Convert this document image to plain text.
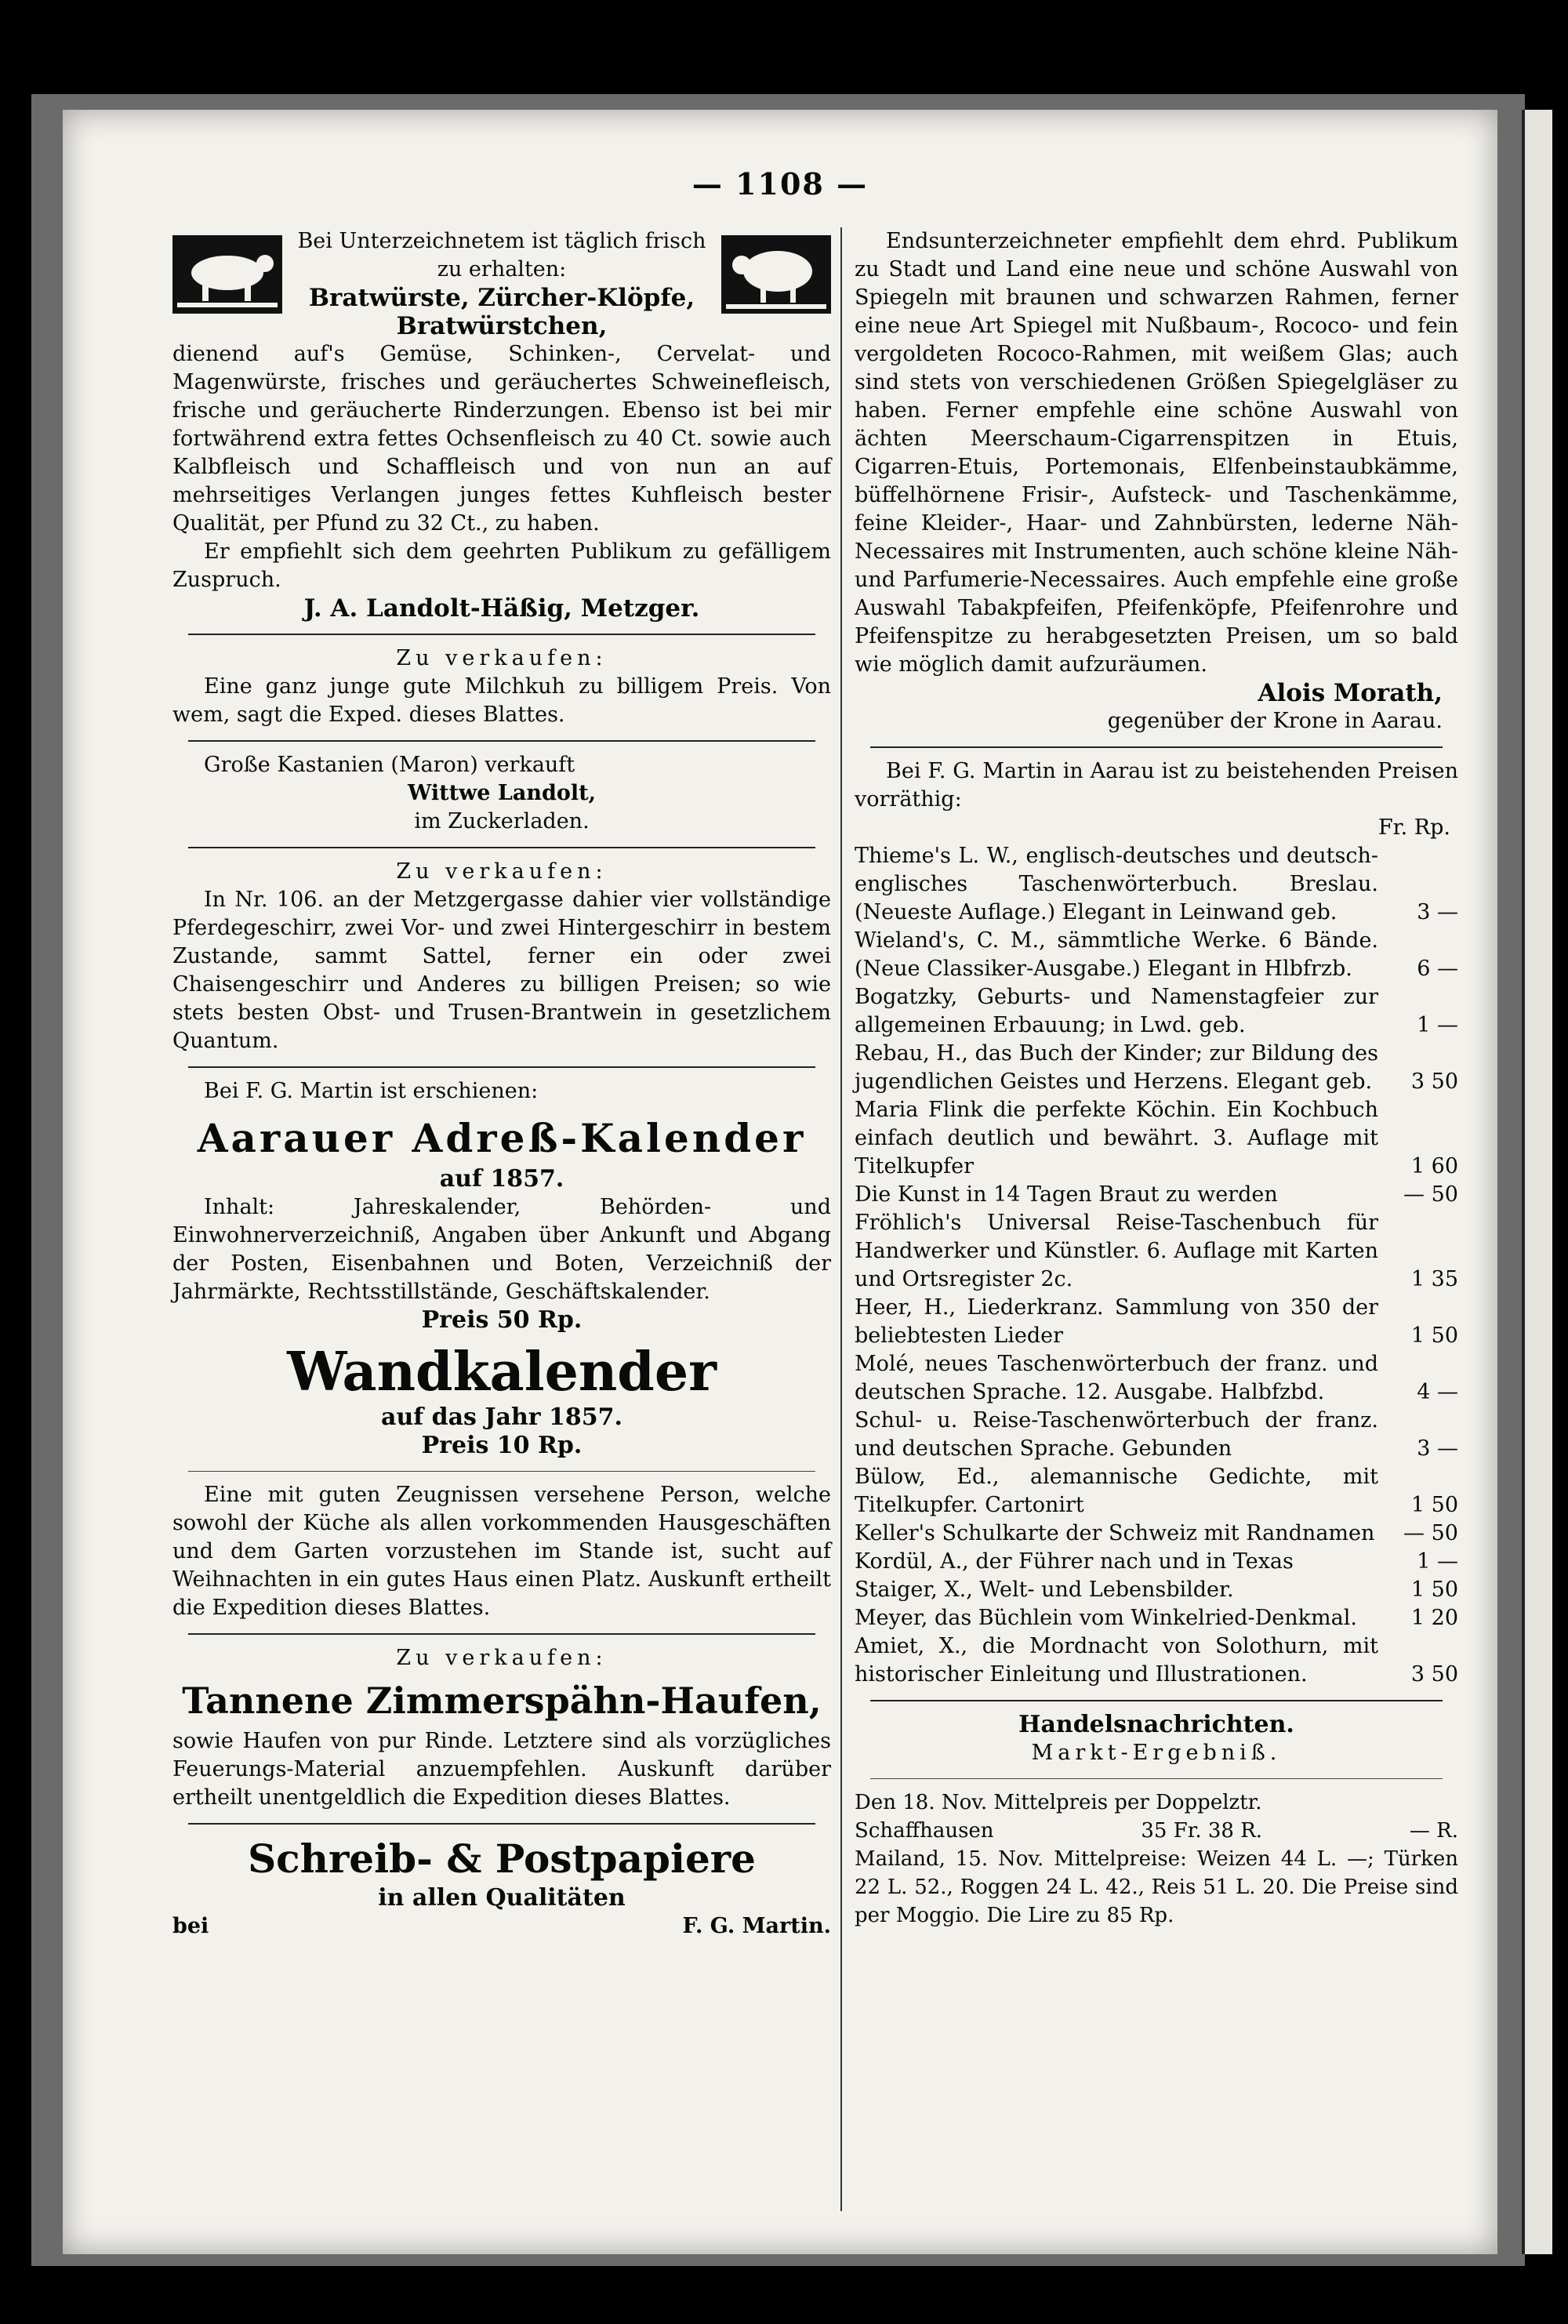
— 1108 —

Bei Unterzeichnetem ist täglich frisch zu erhalten:

Bratwürste, Zürcher-Klöpfe, Bratwürstchen,

dienend auf's Gemüse, Schinken-, Cervelat- und Magenwürste, frisches und geräuchertes Schweinefleisch, frische und geräucherte Rinderzungen. Ebenso ist bei mir fortwährend extra fettes Ochsenfleisch zu 40 Ct. sowie auch Kalbfleisch und Schaffleisch und von nun an auf mehrseitiges Verlangen junges fettes Kuhfleisch bester Qualität, per Pfund zu 32 Ct., zu haben.

Er empfiehlt sich dem geehrten Publikum zu gefälligem Zuspruch.

J. A. Landolt-Häßig, Metzger.

Zu verkaufen:

Eine ganz junge gute Milchkuh zu billigem Preis. Von wem, sagt die Exped. dieses Blattes.

Große Kastanien (Maron) verkauft

Wittwe Landolt,

im Zuckerladen.

Zu verkaufen:

In Nr. 106. an der Metzgergasse dahier vier vollständige Pferdegeschirr, zwei Vor- und zwei Hintergeschirr in bestem Zustande, sammt Sattel, ferner ein oder zwei Chaisengeschirr und Anderes zu billigen Preisen; so wie stets besten Obst- und Trusen-Brantwein in gesetzlichem Quantum.

Bei F. G. Martin ist erschienen:

Aarauer Adreß-Kalender

auf 1857.

Inhalt: Jahreskalender, Behörden- und Einwohnerverzeichniß, Angaben über Ankunft und Abgang der Posten, Eisenbahnen und Boten, Verzeichniß der Jahrmärkte, Rechtsstillstände, Geschäftskalender.

Preis 50 Rp.

Wandkalender

auf das Jahr 1857.

Preis 10 Rp.

Eine mit guten Zeugnissen versehene Person, welche sowohl der Küche als allen vorkommenden Hausgeschäften und dem Garten vorzustehen im Stande ist, sucht auf Weihnachten in ein gutes Haus einen Platz. Auskunft ertheilt die Expedition dieses Blattes.

Zu verkaufen:

Tannene Zimmerspähn-Haufen,

sowie Haufen von pur Rinde. Letztere sind als vorzügliches Feuerungs-Material anzuempfehlen. Auskunft darüber ertheilt unentgeldlich die Expedition dieses Blattes.

Schreib- & Postpapiere

in allen Qualitäten

bei	F. G. Martin.

Endsunterzeichneter empfiehlt dem ehrd. Publikum zu Stadt und Land eine neue und schöne Auswahl von Spiegeln mit braunen und schwarzen Rahmen, ferner eine neue Art Spiegel mit Nußbaum-, Rococo- und fein vergoldeten Rococo-Rahmen, mit weißem Glas; auch sind stets von verschiedenen Größen Spiegelgläser zu haben. Ferner empfehle eine schöne Auswahl von ächten Meerschaum-Cigarrenspitzen in Etuis, Cigarren-Etuis, Portemonais, Elfenbeinstaubkämme, büffelhörnene Frisir-, Aufsteck- und Taschenkämme, feine Kleider-, Haar- und Zahnbürsten, lederne Näh-Necessaires mit Instrumenten, auch schöne kleine Näh- und Parfumerie-Necessaires. Auch empfehle eine große Auswahl Tabakpfeifen, Pfeifenköpfe, Pfeifenrohre und Pfeifenspitze zu herabgesetzten Preisen, um so bald wie möglich damit aufzuräumen.

Alois Morath,

gegenüber der Krone in Aarau.

Bei F. G. Martin in Aarau ist zu beistehenden Preisen vorräthig:

Fr. Rp.

Thieme's L. W., englisch-deutsches und deutsch-englisches Taschenwörterbuch. Breslau. (Neueste Auflage.) Elegant in Leinwand geb.	3 —
Wieland's, C. M., sämmtliche Werke. 6 Bände. (Neue Classiker-Ausgabe.) Elegant in Hlbfrzb.	6 —
Bogatzky, Geburts- und Namenstagfeier zur allgemeinen Erbauung; in Lwd. geb.	1 —
Rebau, H., das Buch der Kinder; zur Bildung des jugendlichen Geistes und Herzens. Elegant geb.	3 50
Maria Flink die perfekte Köchin. Ein Kochbuch einfach deutlich und bewährt. 3. Auflage mit Titelkupfer	1 60
Die Kunst in 14 Tagen Braut zu werden	— 50
Fröhlich's Universal Reise-Taschenbuch für Handwerker und Künstler. 6. Auflage mit Karten und Ortsregister 2c.	1 35
Heer, H., Liederkranz. Sammlung von 350 der beliebtesten Lieder	1 50
Molé, neues Taschenwörterbuch der franz. und deutschen Sprache. 12. Ausgabe. Halbfzbd.	4 —
Schul- u. Reise-Taschenwörterbuch der franz. und deutschen Sprache. Gebunden	3 —
Bülow, Ed., alemannische Gedichte, mit Titelkupfer. Cartonirt	1 50
Keller's Schulkarte der Schweiz mit Randnamen	— 50
Kordül, A., der Führer nach und in Texas	1 —
Staiger, X., Welt- und Lebensbilder.	1 50
Meyer, das Büchlein vom Winkelried-Denkmal.	1 20
Amiet, X., die Mordnacht von Solothurn, mit historischer Einleitung und Illustrationen.	3 50

Handelsnachrichten.

Markt-Ergebniß.

Den 18. Nov. Mittelpreis per Doppelztr.

Schaffhausen	35 Fr. 38 R.	— R.

Mailand, 15. Nov. Mittelpreise: Weizen 44 L. —; Türken 22 L. 52., Roggen 24 L. 42., Reis 51 L. 20. Die Preise sind per Moggio. Die Lire zu 85 Rp.
